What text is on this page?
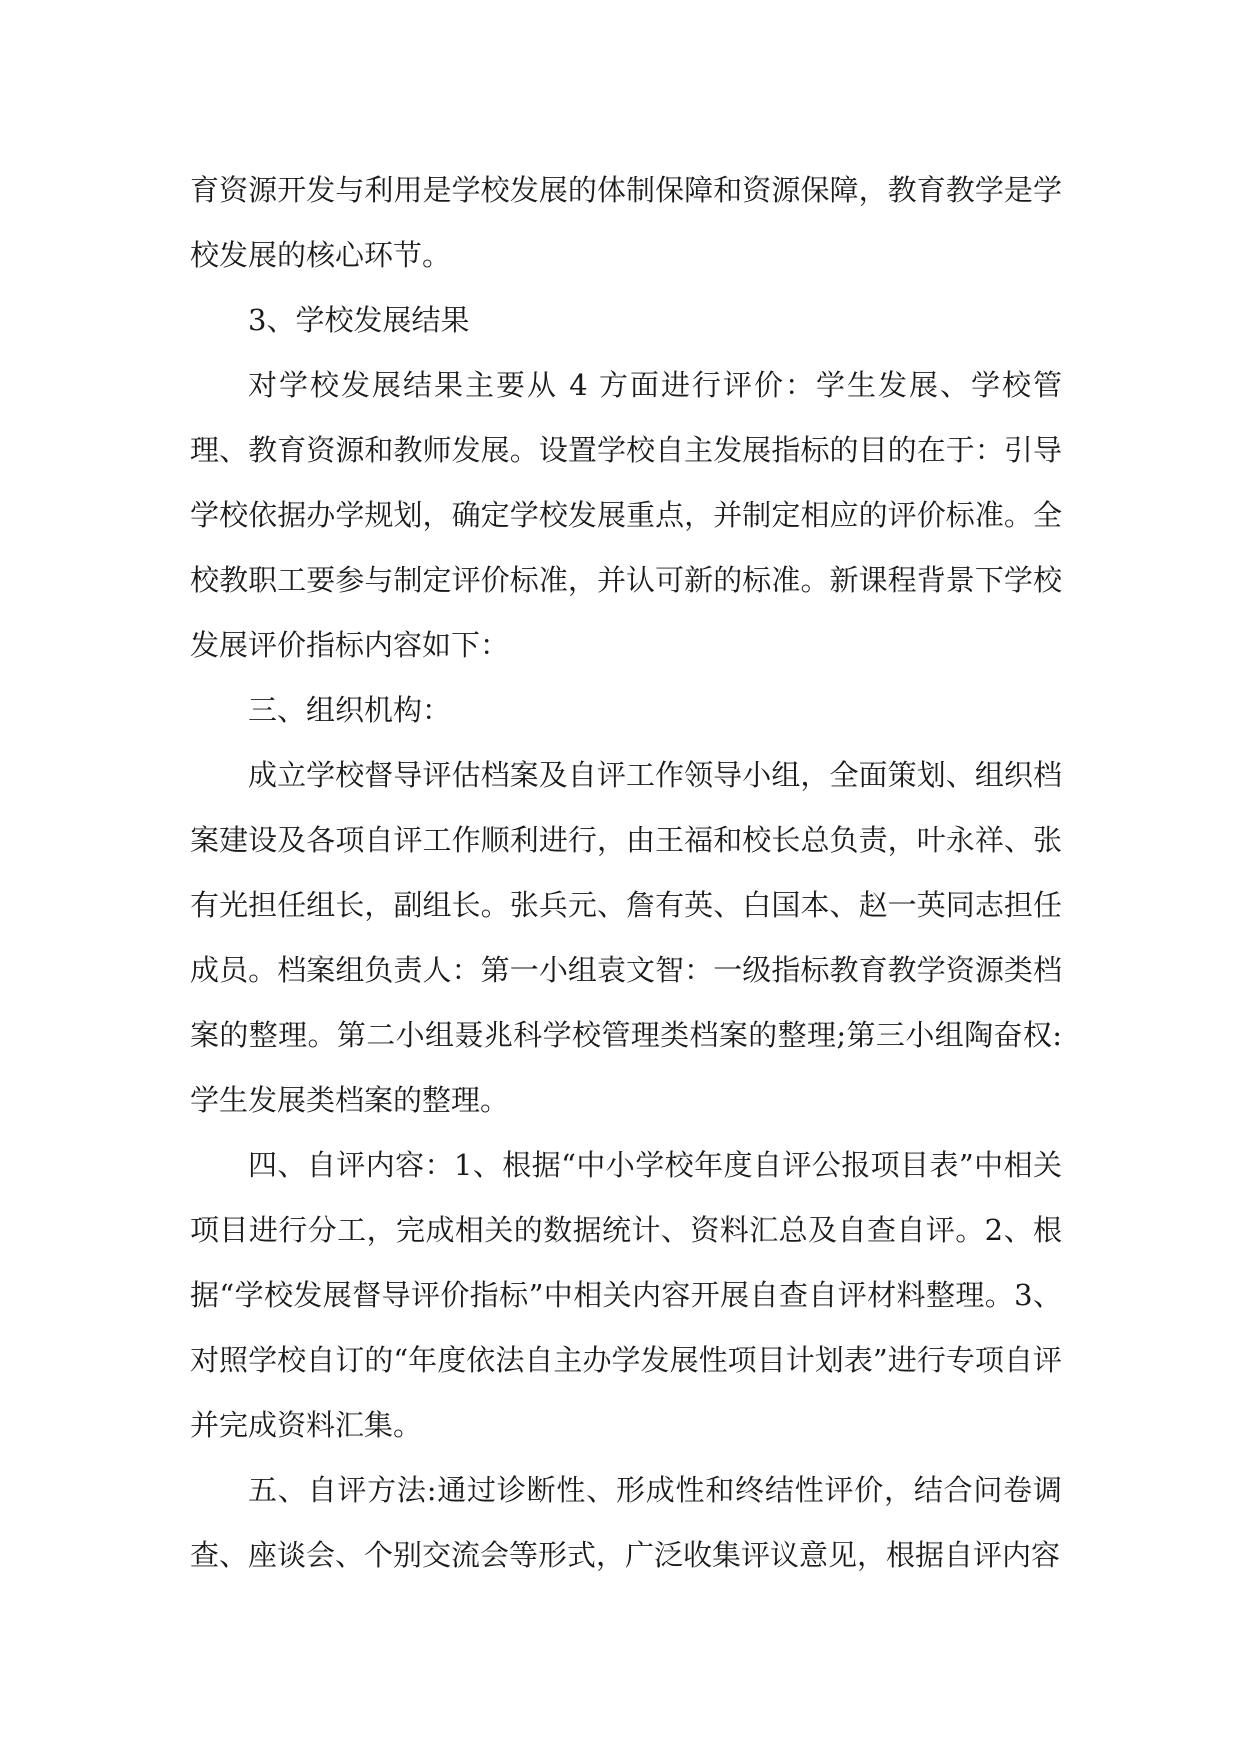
育资源开发与利用是学校发展的体制保障和资源保障，教育教学是学校发展的核心环节。

3、学校发展结果

对学校发展结果主要从 4 方面进行评价：学生发展、学校管理、教育资源和教师发展。设置学校自主发展指标的目的在于：引导学校依据办学规划，确定学校发展重点，并制定相应的评价标准。全校教职工要参与制定评价标准，并认可新的标准。新课程背景下学校发展评价指标内容如下：

三、组织机构：

成立学校督导评估档案及自评工作领导小组，全面策划、组织档案建设及各项自评工作顺利进行，由王福和校长总负责，叶永祥、张有光担任组长，副组长。张兵元、詹有英、白国本、赵一英同志担任成员。档案组负责人：第一小组袁文智：一级指标教育教学资源类档案的整理。第二小组聂兆科学校管理类档案的整理;第三小组陶奋权:学生发展类档案的整理。

四、自评内容：1、根据“中小学校年度自评公报项目表”中相关项目进行分工，完成相关的数据统计、资料汇总及自查自评。2、根据“学校发展督导评价指标”中相关内容开展自查自评材料整理。3、对照学校自订的“年度依法自主办学发展性项目计划表”进行专项自评并完成资料汇集。

五、自评方法:通过诊断性、形成性和终结性评价，结合问卷调查、座谈会、个别交流会等形式，广泛收集评议意见，根据自评内容
